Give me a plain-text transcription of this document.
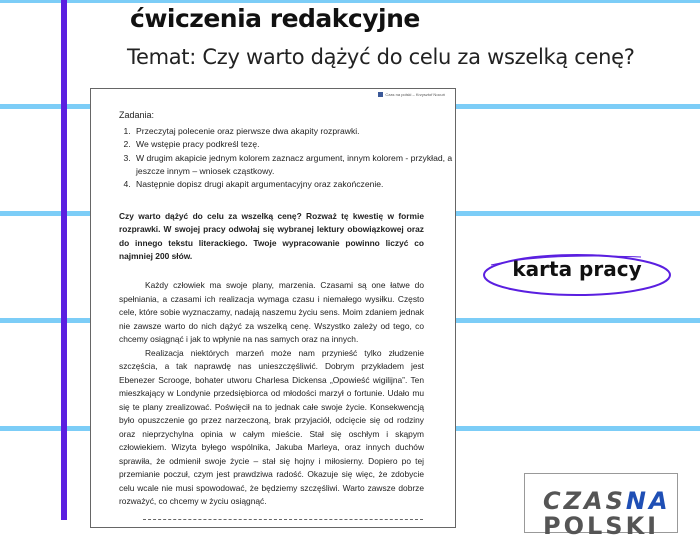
ćwiczenia redakcyjne
Temat: Czy warto dążyć do celu za wszelką cenę?
Czas na polski – Krzysztof Nocuń
Zadania:
1. Przeczytaj polecenie oraz pierwsze dwa akapity rozprawki.
2. We wstępie pracy podkreśl tezę.
3. W drugim akapicie jednym kolorem zaznacz argument, innym kolorem - przykład, a jeszcze innym – wniosek cząstkowy.
4. Następnie dopisz drugi akapit argumentacyjny oraz zakończenie.
Czy warto dążyć do celu za wszelką cenę? Rozważ tę kwestię w formie rozprawki. W swojej pracy odwołaj się wybranej lektury obowiązkowej oraz do innego tekstu literackiego. Twoje wypracowanie powinno liczyć co najmniej 200 słów.

Każdy człowiek ma swoje plany, marzenia. Czasami są one łatwe do spełniania, a czasami ich realizacja wymaga czasu i niemałego wysiłku. Często cele, które sobie wyznaczamy, nadają naszemu życiu sens. Moim zdaniem jednak nie zawsze warto do nich dążyć za wszelką cenę. Wszystko zależy od tego, co chcemy osiągnąć i jak to wpłynie na nas samych oraz na innych.

Realizacja niektórych marzeń może nam przynieść tylko złudzenie szczęścia, a tak naprawdę nas unieszczęśliwić. Dobrym przykładem jest Ebenezer Scrooge, bohater utworu Charlesa Dickensa „Opowieść wigilijna”. Ten mieszkający w Londynie przedsiębiorca od młodości marzył o fortunie. Udało mu się te plany zrealizować. Poświęcił na to jednak całe swoje życie. Konsekwencją było opuszczenie go przez narzeczoną, brak przyjaciół, odcięcie się od rodziny oraz nieprzychylna opinia w całym mieście. Stał się oschłym i skąpym człowiekiem. Wizyta byłego wspólnika, Jakuba Marleya, oraz innych duchów sprawiła, że odmienił swoje życie – stał się hojny i miłosierny. Dopiero po tej przemianie poczuł, czym jest prawdziwa radość. Okazuje się więc, że zdobycie celu wcale nie musi spowodować, że będziemy szczęśliwi. Warto zawsze dobrze rozważyć, co chcemy w życiu osiągnąć.

karta pracy
CZASNA
POLSKI
